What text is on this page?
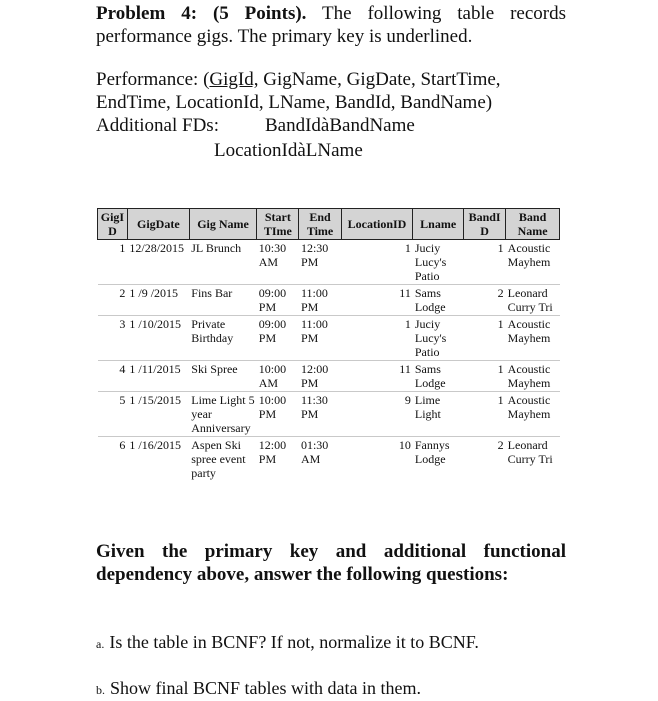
Problem 4: (5 Points). The following table records performance gigs. The primary key is underlined.
Performance: (GigId, GigName, GigDate, StartTime, EndTime, LocationId, LName, BandId, BandName)
Additional FDs: BandIdàBandName
LocationIdàLName
GigI D	GigDate	Gig Name	Start TIme	End Time	LocationID	Lname	BandI D	Band Name
1	12/28/2015	JL Brunch	10:30 AM	12:30 PM	1	Juciy Lucy's Patio	1	Acoustic Mayhem
2	1 /9 /2015	Fins Bar	09:00 PM	11:00 PM	11	Sams Lodge	2	Leonard Curry Tri
3	1 /10/2015	Private Birthday	09:00 PM	11:00 PM	1	Juciy Lucy's Patio	1	Acoustic Mayhem
4	1 /11/2015	Ski Spree	10:00 AM	12:00 PM	11	Sams Lodge	1	Acoustic Mayhem
5	1 /15/2015	Lime Light 5 year Anniversary	10:00 PM	11:30 PM	9	Lime Light	1	Acoustic Mayhem
6	1 /16/2015	Aspen Ski spree event party	12:00 PM	01:30 AM	10	Fannys Lodge	2	Leonard Curry Tri
Given the primary key and additional functional dependency above, answer the following questions:
a. Is the table in BCNF? If not, normalize it to BCNF.
b. Show final BCNF tables with data in them.
